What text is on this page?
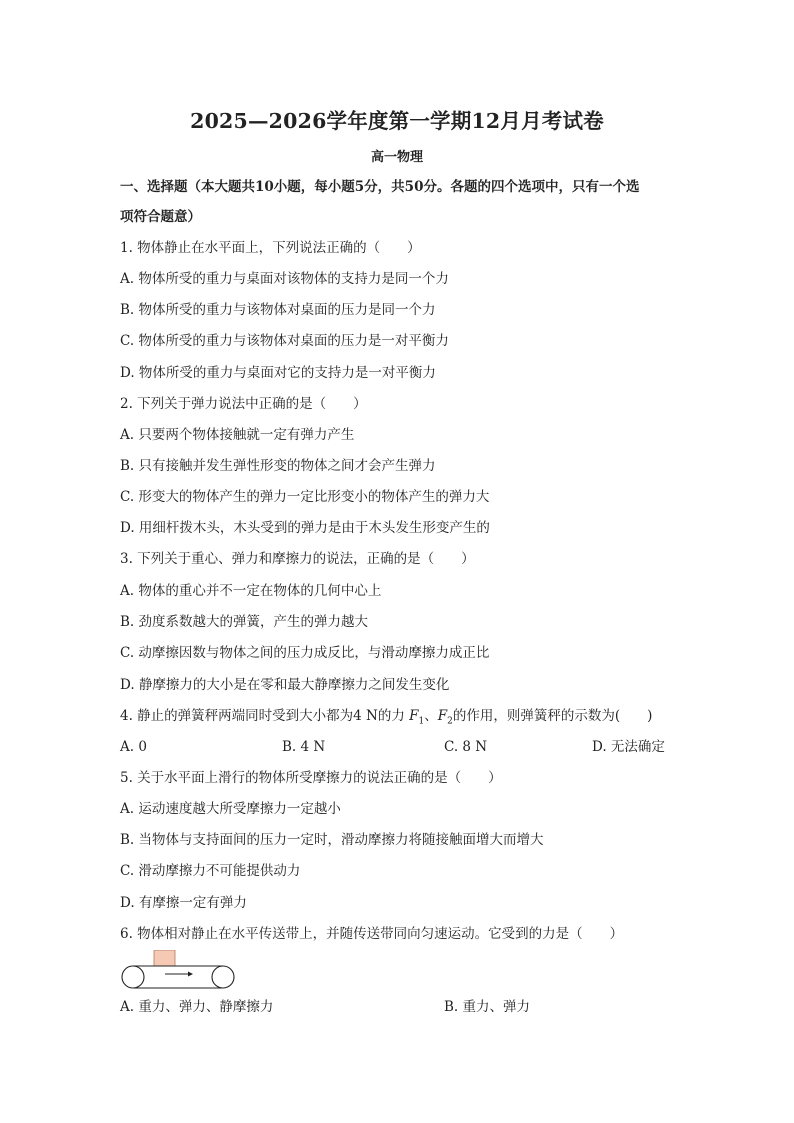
2025—2026学年度第一学期12月月考试卷
高一物理
一、选择题（本大题共10小题，每小题5分，共50分。各题的四个选项中，只有一个选
项符合题意）
1. 物体静止在水平面上，下列说法正确的（　　）
A. 物体所受的重力与桌面对该物体的支持力是同一个力
B. 物体所受的重力与该物体对桌面的压力是同一个力
C. 物体所受的重力与该物体对桌面的压力是一对平衡力
D. 物体所受的重力与桌面对它的支持力是一对平衡力
2. 下列关于弹力说法中正确的是（　　）
A. 只要两个物体接触就一定有弹力产生
B. 只有接触并发生弹性形变的物体之间才会产生弹力
C. 形变大的物体产生的弹力一定比形变小的物体产生的弹力大
D. 用细杆拨木头，木头受到的弹力是由于木头发生形变产生的
3. 下列关于重心、弹力和摩擦力的说法，正确的是（　　）
A. 物体的重心并不一定在物体的几何中心上
B. 劲度系数越大的弹簧，产生的弹力越大
C. 动摩擦因数与物体之间的压力成反比，与滑动摩擦力成正比
D. 静摩擦力的大小是在零和最大静摩擦力之间发生变化
4. 静止的弹簧秤两端同时受到大小都为4 N的力 $F_1$、$F_2$的作用，则弹簧秤的示数为(　　)
A. 0	B. 4 N	C. 8 N	D. 无法确定
5. 关于水平面上滑行的物体所受摩擦力的说法正确的是（　　）
A. 运动速度越大所受摩擦力一定越小
B. 当物体与支持面间的压力一定时，滑动摩擦力将随接触面增大而增大
C. 滑动摩擦力不可能提供动力
D. 有摩擦一定有弹力
6. 物体相对静止在水平传送带上，并随传送带同向匀速运动。它受到的力是（　　）
A. 重力、弹力、静摩擦力	B. 重力、弹力
